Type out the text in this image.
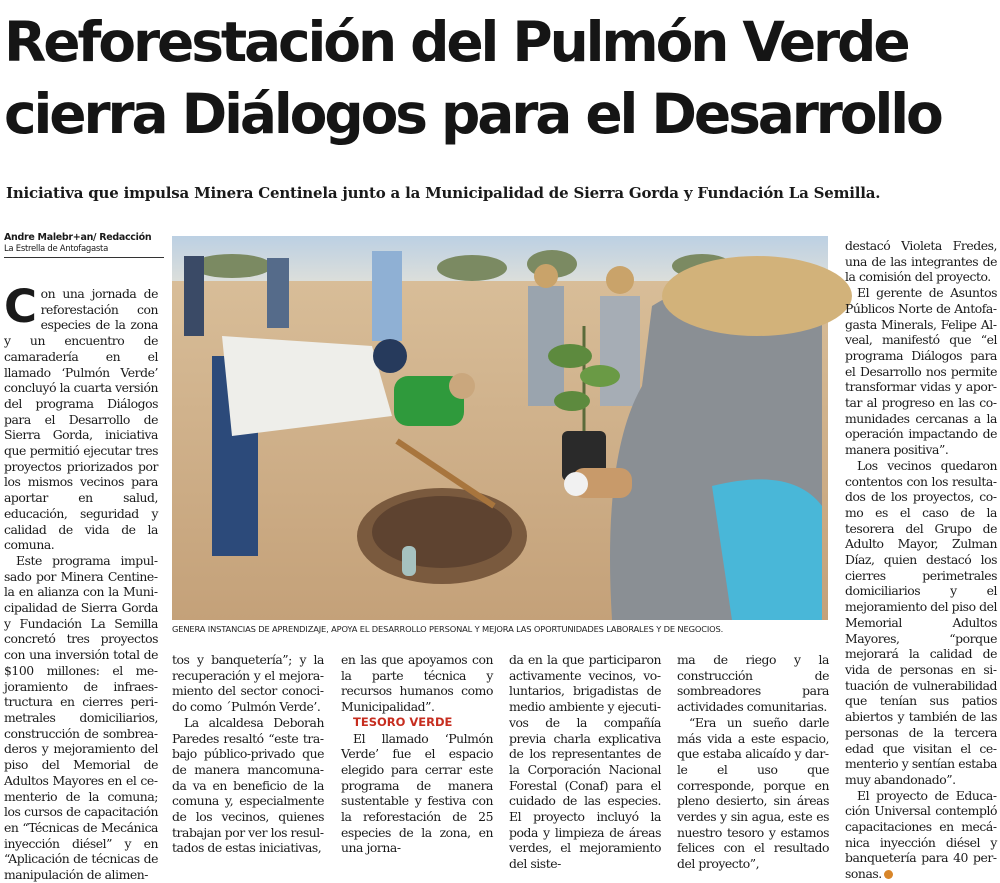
Reforestación del Pulmón Verde
cierra Diálogos para el Desarrollo
Iniciativa que impulsa Minera Centinela junto a la Municipalidad de Sierra Gorda y Fundación La Semilla.
Andre Malebr+an/ Redacción
La Estrella de Antofagasta

Con una jornada de reforestación con especies de la zona y un encuentro de camaradería en el llamado ‘Pulmón Verde’ concluyó la cuarta versión del programa Diálogos para el Desarrollo de Sierra Gorda, iniciativa que permitió ejecutar tres proyectos priorizados por los mismos vecinos para aportar en salud, educación, seguridad y calidad de vida de la comuna.

Este programa impulsado por Minera Centinela en alianza con la Municipalidad de Sierra Gorda y Fundación La Semilla concretó tres proyectos con una inversión total de $100 millones: el mejoramiento de infraestructura en cierres perimetrales domiciliarios, construcción de sombreaderos y mejoramiento del piso del Memorial de Adultos Mayores en el cementerio de la comuna; los cursos de capacitación en “Técnicas de Mecánica inyección diésel” y en “Aplicación de técnicas de manipulación de alimen-

GENERA INSTANCIAS DE APRENDIZAJE, APOYA EL DESARROLLO PERSONAL Y MEJORA LAS OPORTUNIDADES LABORALES Y DE NEGOCIOS.

tos y banquetería”; y la recuperación y el mejoramiento del sector conocido como ´Pulmón Verde’.

La alcaldesa Deborah Paredes resaltó “este trabajo público-privado que de manera mancomunada va en beneficio de la comuna y, especialmente de los vecinos, quienes trabajan por ver los resultados de estas iniciativas,

en las que apoyamos con la parte técnica y recursos humanos como Municipalidad”.

TESORO VERDE

El llamado ‘Pulmón Verde’ fue el espacio elegido para cerrar este programa de manera sustentable y festiva con la reforestación de 25 especies de la zona, en una jorna-

da en la que participaron activamente vecinos, voluntarios, brigadistas de medio ambiente y ejecutivos de la compañía previa charla explicativa de los representantes de la Corporación Nacional Forestal (Conaf) para el cuidado de las especies. El proyecto incluyó la poda y limpieza de áreas verdes, el mejoramiento del siste-

ma de riego y la construcción de sombreadores para actividades comunitarias.

“Era un sueño darle más vida a este espacio, que estaba alicaído y darle el uso que corresponde, porque en pleno desierto, sin áreas verdes y sin agua, este es nuestro tesoro y estamos felices con el resultado del proyecto”,

destacó Violeta Fredes, una de las integrantes de la comisión del proyecto.

El gerente de Asuntos Públicos Norte de Antofagasta Minerals, Felipe Alveal, manifestó que “el programa Diálogos para el Desarrollo nos permite transformar vidas y aportar al progreso en las comunidades cercanas a la operación impactando de manera positiva”.

Los vecinos quedaron contentos con los resultados de los proyectos, como es el caso de la tesorera del Grupo de Adulto Mayor, Zulman Díaz, quien destacó los cierres perimetrales domiciliarios y el mejoramiento del piso del Memorial Adultos Mayores, “porque mejorará la calidad de vida de personas en situación de vulnerabilidad que tenían sus patios abiertos y también de las personas de la tercera edad que visitan el cementerio y sentían estaba muy abandonado”.

El proyecto de Educación Universal contempló capacitaciones en mecánica inyección diésel y banquetería para 40 personas.
